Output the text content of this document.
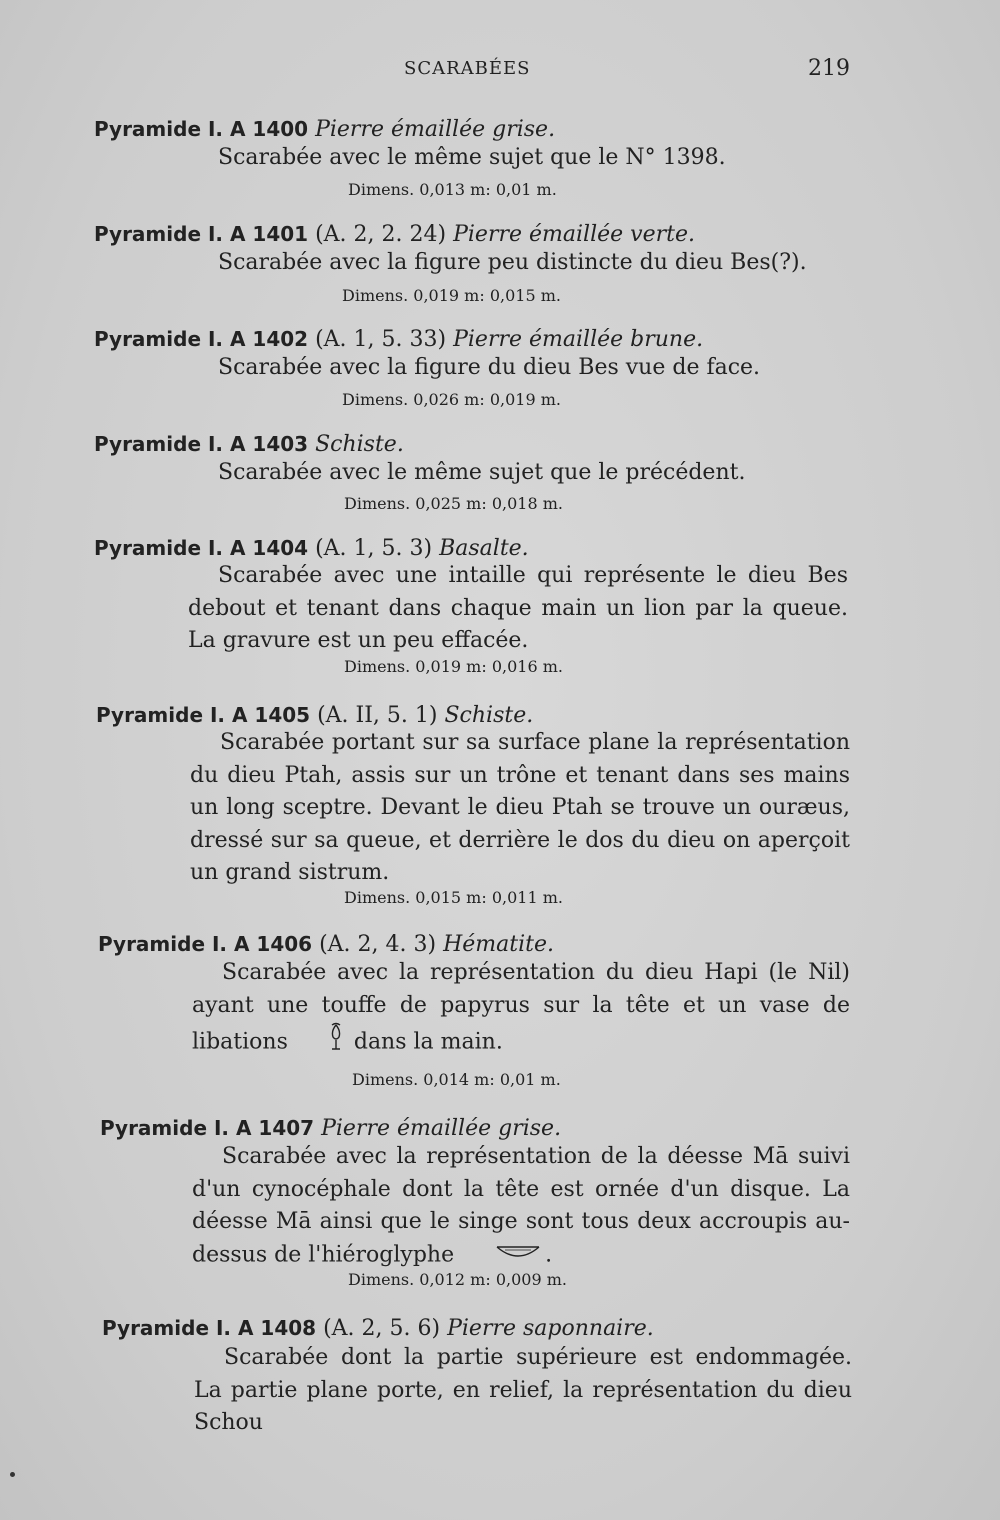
SCARABÉES	219
Pyramide I. A 1400 Pierre émaillée grise.
Scarabée avec le même sujet que le N° 1398.
Dimens. 0,013 m: 0,01 m.
Pyramide I. A 1401 (A. 2, 2. 24) Pierre émaillée verte.
Scarabée avec la figure peu distincte du dieu Bes(?).
Dimens. 0,019 m: 0,015 m.
Pyramide I. A 1402 (A. 1, 5. 33) Pierre émaillée brune.
Scarabée avec la figure du dieu Bes vue de face.
Dimens. 0,026 m: 0,019 m.
Pyramide I. A 1403 Schiste.
Scarabée avec le même sujet que le précédent.
Dimens. 0,025 m: 0,018 m.
Pyramide I. A 1404 (A. 1, 5. 3) Basalte.
Scarabée avec une intaille qui représente le dieu Bes debout et tenant dans chaque main un lion par la queue. La gravure est un peu effacée.
Dimens. 0,019 m: 0,016 m.
Pyramide I. A 1405 (A. II, 5. 1) Schiste.
Scarabée portant sur sa surface plane la représentation du dieu Ptah, assis sur un trône et tenant dans ses mains un long sceptre. Devant le dieu Ptah se trouve un ouræus, dressé sur sa queue, et derrière le dos du dieu on aperçoit un grand sistrum.
Dimens. 0,015 m: 0,011 m.
Pyramide I. A 1406 (A. 2, 4. 3) Hématite.
Scarabée avec la représentation du dieu Hapi (le Nil) ayant une touffe de papyrus sur la tête et un vase de libations	dans la main.
Dimens. 0,014 m: 0,01 m.
Pyramide I. A 1407 Pierre émaillée grise.
Scarabée avec la représentation de la déesse Mā suivi d'un cynocéphale dont la tête est ornée d'un disque. La déesse Mā ainsi que le singe sont tous deux accroupis au-dessus de l'hiéroglyphe	.
Dimens. 0,012 m: 0,009 m.
Pyramide I. A 1408 (A. 2, 5. 6) Pierre saponnaire.
Scarabée dont la partie supérieure est endommagée. La partie plane porte, en relief, la représentation du dieu Schou
